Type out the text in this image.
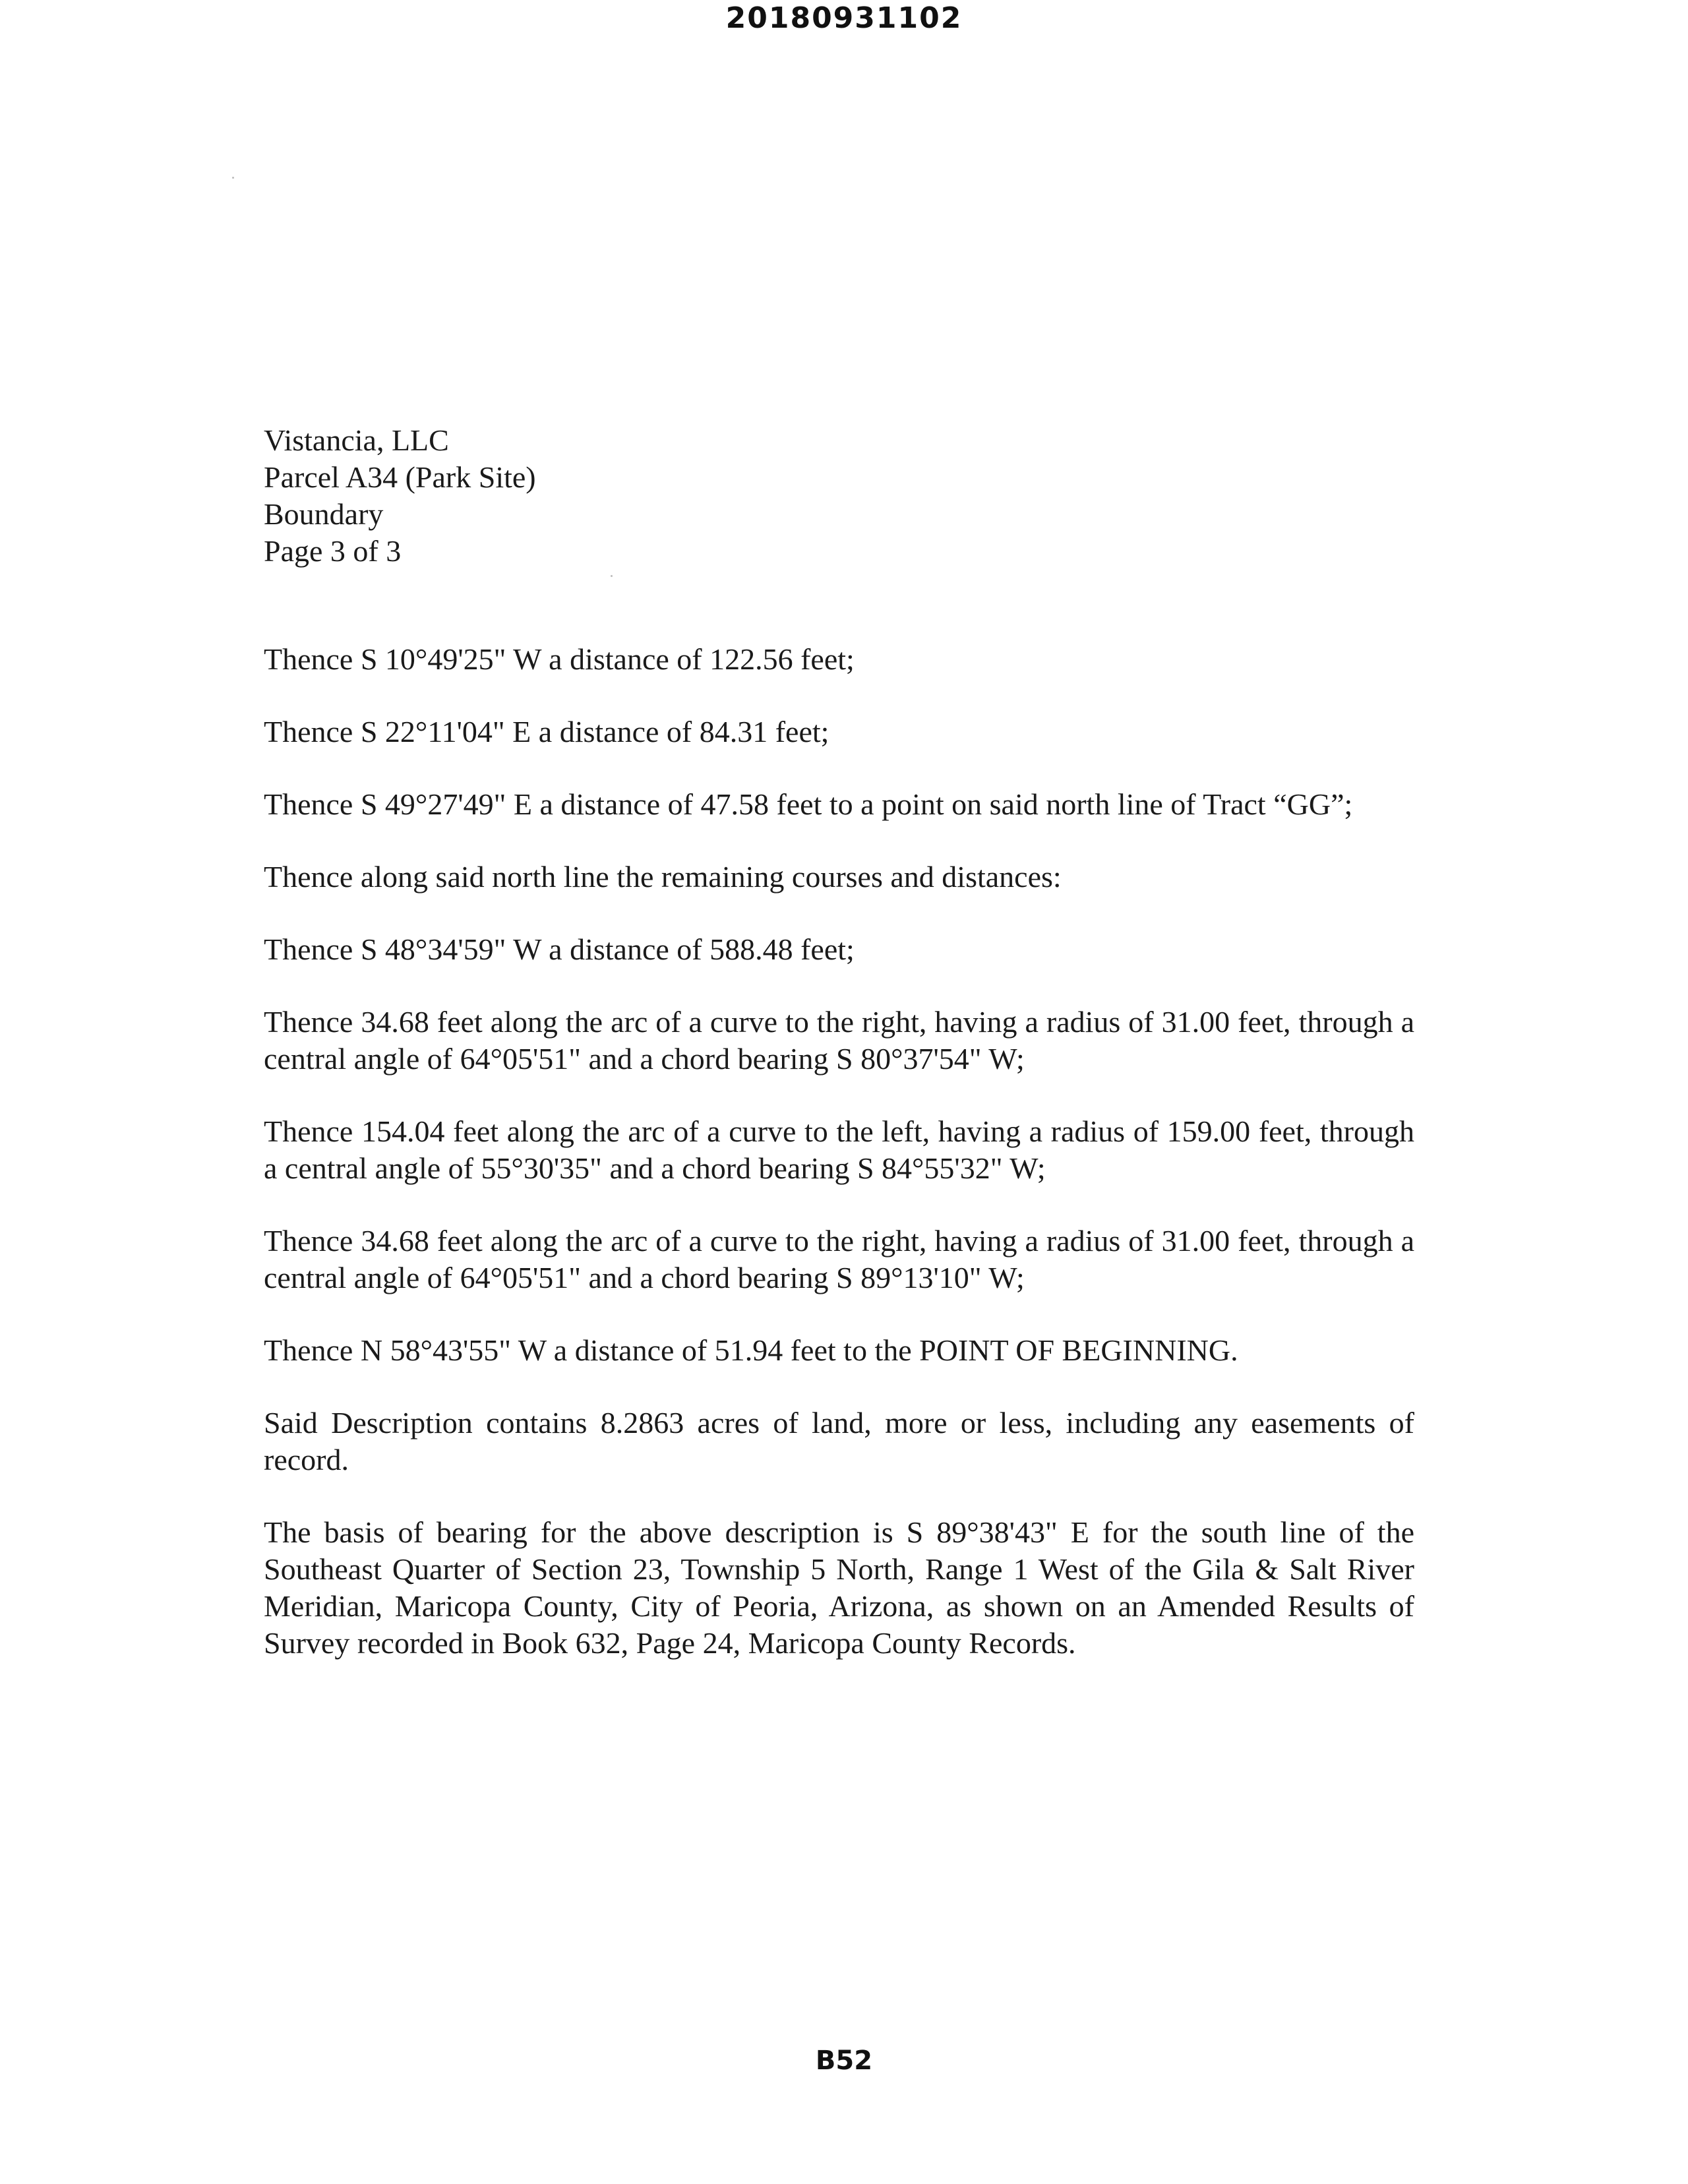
20180931102
Vistancia, LLC
Parcel A34 (Park Site)
Boundary
Page 3 of 3

Thence S 10°49'25" W a distance of 122.56 feet;

Thence S 22°11'04" E a distance of 84.31 feet;

Thence S 49°27'49" E a distance of 47.58 feet to a point on said north line of Tract “GG”;

Thence along said north line the remaining courses and distances:

Thence S 48°34'59" W a distance of 588.48 feet;

Thence 34.68 feet along the arc of a curve to the right, having a radius of 31.00 feet, through a central angle of 64°05'51" and a chord bearing S 80°37'54" W;

Thence 154.04 feet along the arc of a curve to the left, having a radius of 159.00 feet, through a central angle of 55°30'35" and a chord bearing S 84°55'32" W;

Thence 34.68 feet along the arc of a curve to the right, having a radius of 31.00 feet, through a central angle of 64°05'51" and a chord bearing S 89°13'10" W;

Thence N 58°43'55" W a distance of 51.94 feet to the POINT OF BEGINNING.

Said Description contains 8.2863 acres of land, more or less, including any easements of record.

The basis of bearing for the above description is S 89°38'43" E for the south line of the Southeast Quarter of Section 23, Township 5 North, Range 1 West of the Gila & Salt River Meridian, Maricopa County, City of Peoria, Arizona, as shown on an Amended Results of Survey recorded in Book 632, Page 24, Maricopa County Records.

B52
